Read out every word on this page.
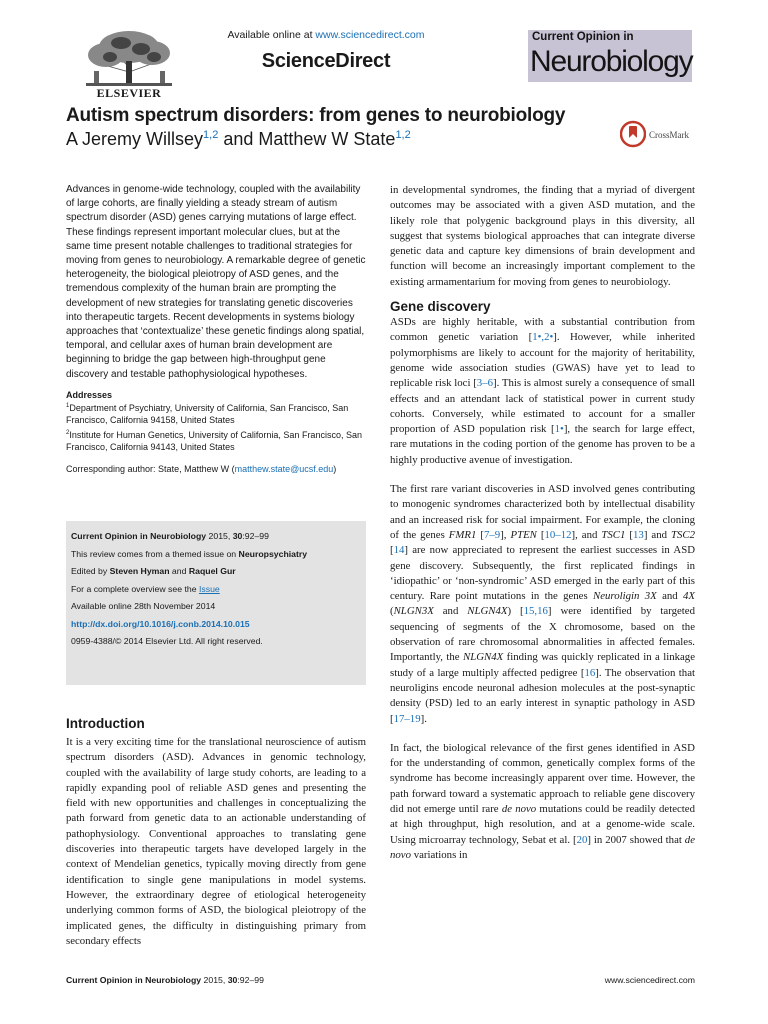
ELSEVIER
Available online at www.sciencedirect.com
ScienceDirect
Current Opinion in
Neurobiology
Autism spectrum disorders: from genes to neurobiology
A Jeremy Willsey$^{1,2}$ and Matthew W State$^{1,2}$	CrossMark

Advances in genome-wide technology, coupled with the availability of large cohorts, are finally yielding a steady stream of autism spectrum disorder (ASD) genes carrying mutations of large effect. These findings represent important molecular clues, but at the same time present notable challenges to traditional strategies for moving from genes to neurobiology. A remarkable degree of genetic heterogeneity, the biological pleiotropy of ASD genes, and the tremendous complexity of the human brain are prompting the development of new strategies for translating genetic discoveries into therapeutic targets. Recent developments in systems biology approaches that ‘contextualize’ these genetic findings along spatial, temporal, and cellular axes of human brain development are beginning to bridge the gap between high-throughput gene discovery and testable pathophysiological hypotheses.

Addresses

$^1$Department of Psychiatry, University of California, San Francisco, San Francisco, California 94158, United States

$^2$Institute for Human Genetics, University of California, San Francisco, San Francisco, California 94143, United States

Corresponding author: State, Matthew W (matthew.state@ucsf.edu)
Current Opinion in Neurobiology 2015, 30:92–99
This review comes from a themed issue on Neuropsychiatry
Edited by Steven Hyman and Raquel Gur
For a complete overview see the Issue
Available online 28th November 2014
http://dx.doi.org/10.1016/j.conb.2014.10.015
0959-4388/© 2014 Elsevier Ltd. All right reserved.
Introduction

It is a very exciting time for the translational neuroscience of autism spectrum disorders (ASD). Advances in genomic technology, coupled with the availability of large study cohorts, are leading to a rapidly expanding pool of reliable ASD genes and presenting the field with new opportunities and challenges in conceptualizing the path forward from genetic data to an actionable understanding of pathophysiology. Conventional approaches to translating gene discoveries into therapeutic targets have developed largely in the context of Mendelian genetics, typically moving directly from gene identification to single gene manipulations in model systems. However, the extraordinary degree of etiological heterogeneity underlying common forms of ASD, the biological pleiotropy of the implicated genes, the difficulty in distinguishing primary from secondary effects

in developmental syndromes, the finding that a myriad of divergent outcomes may be associated with a given ASD mutation, and the likely role that polygenic background plays in this diversity, all suggest that systems biological approaches that can integrate diverse genetic data and capture key dimensions of brain development and function will become an increasingly important complement to the existing armamentarium for moving from genes to neurobiology.

Gene discovery

ASDs are highly heritable, with a substantial contribution from common genetic variation [1•,2•]. However, while inherited polymorphisms are likely to account for the majority of heritability, genome wide association studies (GWAS) have yet to lead to replicable risk loci [3–6]. This is almost surely a consequence of small effects and an attendant lack of statistical power in current study cohorts. Conversely, while estimated to account for a smaller proportion of ASD population risk [1•], the search for large effect, rare mutations in the coding portion of the genome has proven to be a highly productive avenue of investigation.

The first rare variant discoveries in ASD involved genes contributing to monogenic syndromes characterized both by intellectual disability and an increased risk for social impairment. For example, the cloning of the genes FMR1 [7–9], PTEN [10–12], and TSC1 [13] and TSC2 [14] are now appreciated to represent the earliest successes in ASD gene discovery. Subsequently, the first replicated findings in ‘idiopathic’ or ‘non-syndromic’ ASD emerged in the early part of this century. Rare point mutations in the genes Neuroligin 3X and 4X (NLGN3X and NLGN4X) [15,16] were identified by targeted sequencing of segments of the X chromosome, based on the observation of rare chromosomal abnormalities in affected females. Importantly, the NLGN4X finding was quickly replicated in a linkage study of a large multiply affected pedigree [16]. The observation that neuroligins encode neuronal adhesion molecules at the post-synaptic density (PSD) led to an early interest in synaptic pathology in ASD [17–19].

In fact, the biological relevance of the first genes identified in ASD for the understanding of common, genetically complex forms of the syndrome has become increasingly apparent over time. However, the path forward toward a systematic approach to reliable gene discovery did not emerge until rare de novo mutations could be readily detected at high throughput, high resolution, and at a genome-wide scale. Using microarray technology, Sebat et al. [20] in 2007 showed that de novo variations in

Current Opinion in Neurobiology 2015, 30:92–99	www.sciencedirect.com
